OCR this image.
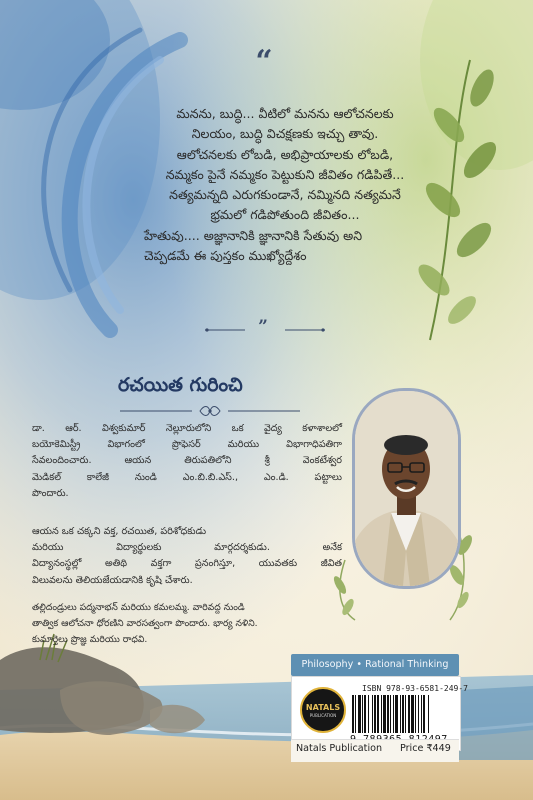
“
మనను, బుద్ధి... వీటిలో మనను ఆలోచనలకు
నిలయం, బుద్ధి విచక్షణకు ఇచ్చు తావు.
ఆలోచనలకు లోబడి, అభిప్రాయాలకు లోబడి,
నమ్మకం పైనే నమ్మకం పెట్టుకుని జీవితం గడిపితే...
నత్యమన్నది ఎరుగకుండానే, నమ్మినది నత్యమనే
భ్రమలో గడిపోతుంది జీవితం...
హేతువు.... అజ్ఞానానికి జ్ఞానానికి సేతువు అని
చెప్పడమే ఈ పుస్తకం ముఖ్యోద్దేశం
”
రచయిత గురించి
డా. ఆర్. విశ్వకుమార్ నెల్లూరులోని ఒక వైద్య కళాశాలలో
బయోకెమిస్ట్రీ విభాగంలో ప్రొఫెసర్ మరియు విభాగాధిపతిగా
సేవలందించారు. ఆయన తిరుపతిలోని శ్రీ వెంకటేశ్వర
మెడికల్ కాలేజీ నుండి ఎం.బి.బి.ఎస్., ఎం.డి. పట్టాలు
పొందారు.
ఆయన ఒక చక్కని వక్త, రచయిత, పరిశోధకుడు
మరియు విద్యార్థులకు మార్గదర్శకుడు. అనేక
విద్యానంస్థల్లో అతిథి వక్తగా ప్రనంగిస్తూ, యువతకు జీవిత
విలువలను తెలియజేయడానికి కృషి చేశారు.
తల్లిదండ్రులు పద్మనాభన్ మరియు కమలమ్మ. వారివద్ద నుండి
తాత్విక ఆలోచనా ధోరణిని వారసత్వంగా పొందారు. భార్య నళిని.
కుమార్తెలు ప్రొజ్ఞ మరియు రాధవి.
Philosophy • Rational Thinking
NATALS
PUBLICATION
ISBN 978-93-6581-249-7
Natals Publication Price ₹449
